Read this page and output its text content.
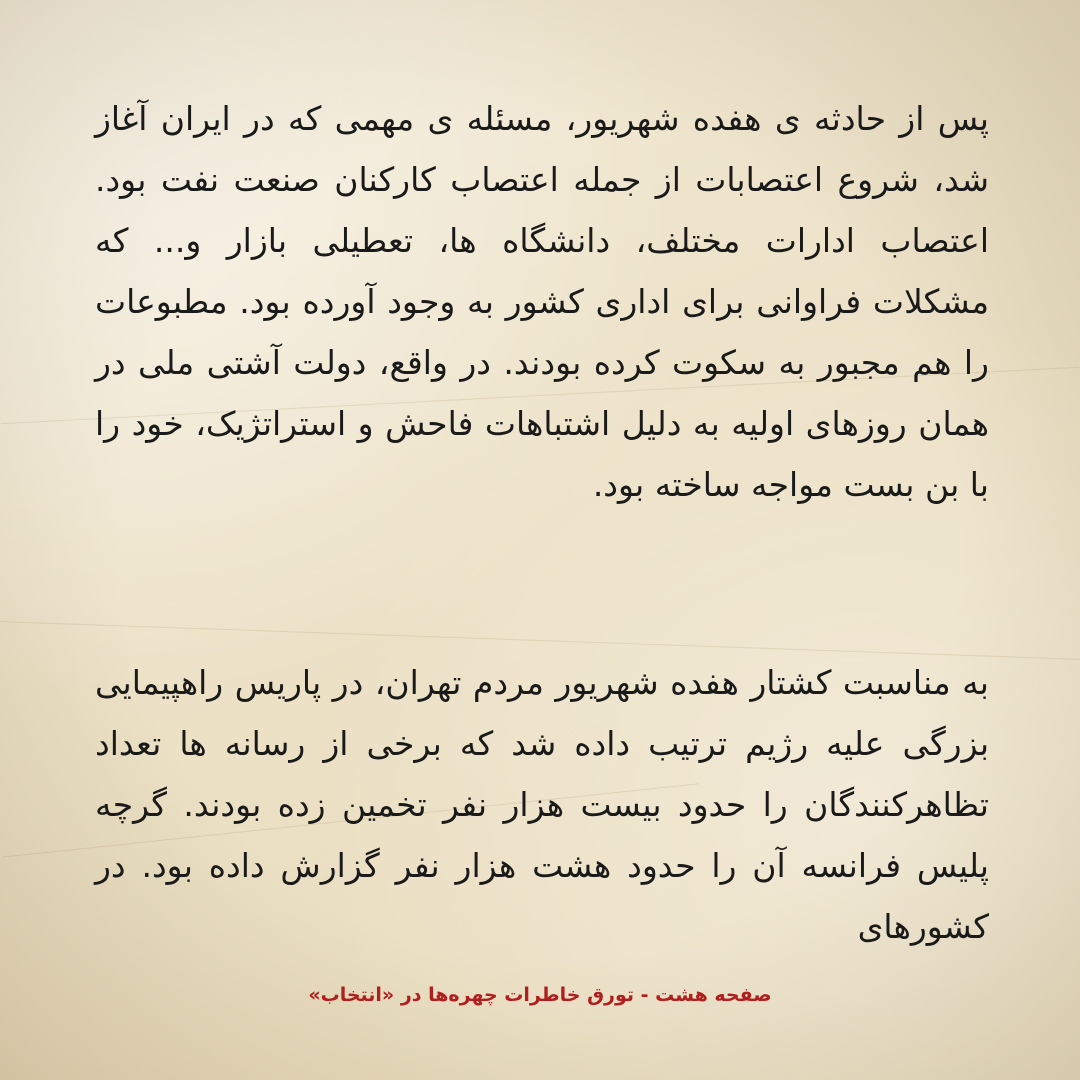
پس از حادثه ی هفده شهریور، مسئله ی مهمی که در ایران آغاز شد، شروع اعتصابات از جمله اعتصاب کارکنان صنعت نفت بود. اعتصاب ادارات مختلف، دانشگاه ها، تعطیلی بازار و... که مشکلات فراوانی برای اداری کشور به وجود آورده بود. مطبوعات را هم مجبور به سکوت کرده بودند. در واقع، دولت آشتی ملی در همان روزهای اولیه به دلیل اشتباهات فاحش و استراتژیک، خود را با بن بست مواجه ساخته بود.

به مناسبت کشتار هفده شهریور مردم تهران، در پاریس راهپیمایی بزرگی علیه رژیم ترتیب داده شد که برخی از رسانه ها تعداد تظاهرکنندگان را حدود بیست هزار نفر تخمین زده بودند. گرچه پلیس فرانسه آن را حدود هشت هزار نفر گزارش داده بود. در کشورهای

صفحه هشت - تورق خاطرات چهره‌ها در «انتخاب»
